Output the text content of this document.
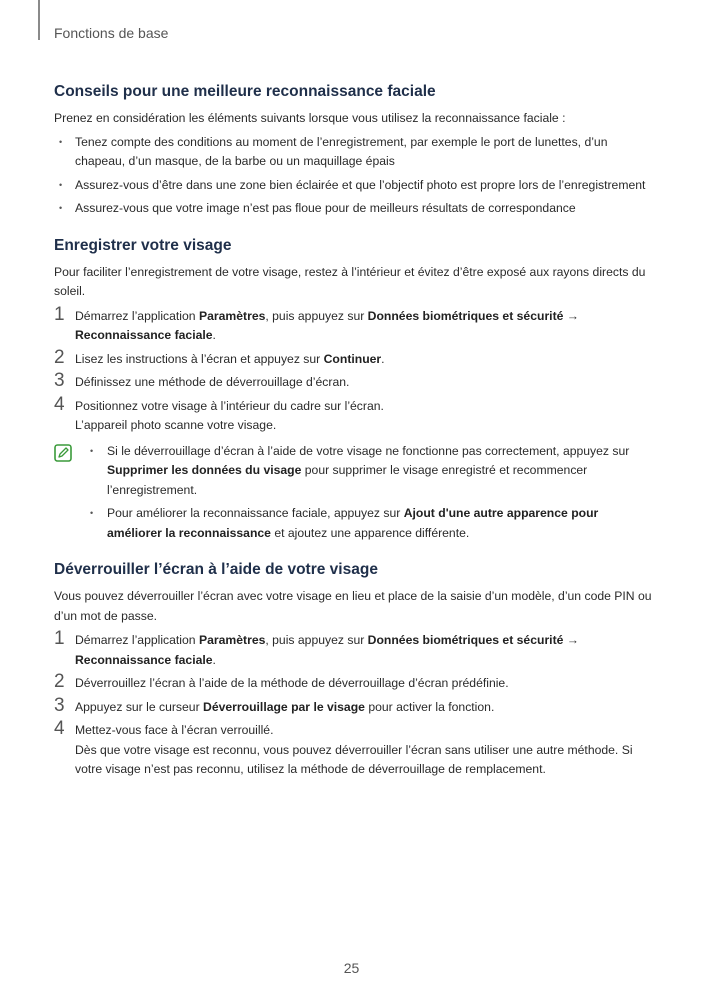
Fonctions de base
Conseils pour une meilleure reconnaissance faciale

Prenez en considération les éléments suivants lorsque vous utilisez la reconnaissance faciale :

• Tenez compte des conditions au moment de l’enregistrement, par exemple le port de lunettes, d’un chapeau, d’un masque, de la barbe ou un maquillage épais
• Assurez-vous d’être dans une zone bien éclairée et que l’objectif photo est propre lors de l’enregistrement
• Assurez-vous que votre image n’est pas floue pour de meilleurs résultats de correspondance
Enregistrer votre visage

Pour faciliter l’enregistrement de votre visage, restez à l’intérieur et évitez d’être exposé aux rayons directs du soleil.

1 Démarrez l’application Paramètres, puis appuyez sur Données biométriques et sécurité → Reconnaissance faciale.
2 Lisez les instructions à l’écran et appuyez sur Continuer.
3 Définissez une méthode de déverrouillage d’écran.
4 Positionnez votre visage à l’intérieur du cadre sur l’écran.
L’appareil photo scanne votre visage.
• Si le déverrouillage d’écran à l’aide de votre visage ne fonctionne pas correctement, appuyez sur Supprimer les données du visage pour supprimer le visage enregistré et recommencer l’enregistrement.
• Pour améliorer la reconnaissance faciale, appuyez sur Ajout d'une autre apparence pour améliorer la reconnaissance et ajoutez une apparence différente.
Déverrouiller l’écran à l’aide de votre visage

Vous pouvez déverrouiller l’écran avec votre visage en lieu et place de la saisie d’un modèle, d’un code PIN ou d’un mot de passe.

1 Démarrez l’application Paramètres, puis appuyez sur Données biométriques et sécurité → Reconnaissance faciale.
2 Déverrouillez l’écran à l’aide de la méthode de déverrouillage d’écran prédéfinie.
3 Appuyez sur le curseur Déverrouillage par le visage pour activer la fonction.
4 Mettez-vous face à l’écran verrouillé.
Dès que votre visage est reconnu, vous pouvez déverrouiller l’écran sans utiliser une autre méthode. Si votre visage n’est pas reconnu, utilisez la méthode de déverrouillage de remplacement.
25
